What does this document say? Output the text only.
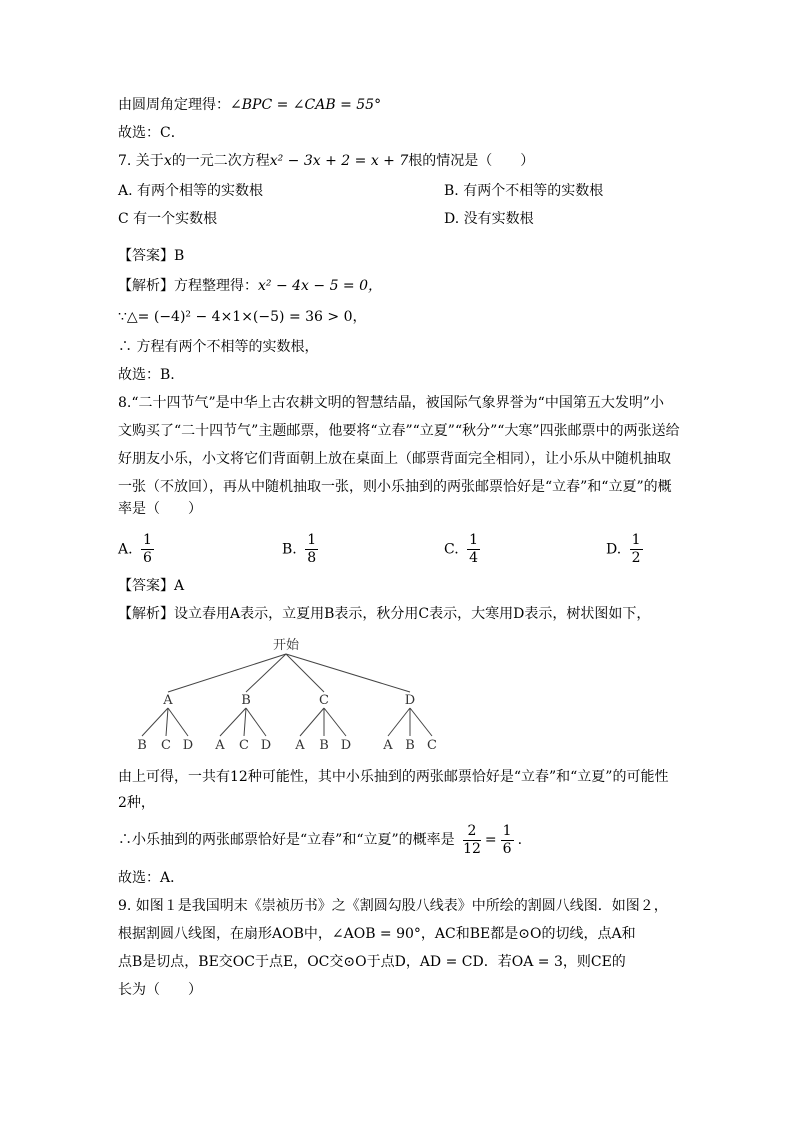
由圆周角定理得：∠BPC = ∠CAB = 55°
故选：C．
7. 关于x的一元二次方程x² − 3x + 2 = x + 7根的情况是（　　）
A. 有两个相等的实数根	B. 有两个不相等的实数根
C 有一个实数根	D. 没有实数根
【答案】B
【解析】方程整理得：x² − 4x − 5 = 0，
∵△= (−4)² − 4×1×(−5) = 36 > 0，
∴ 方程有两个不相等的实数根，
故选：B.
8.“二十四节气”是中华上古农耕文明的智慧结晶，被国际气象界誉为“中国第五大发明”小
文购买了“二十四节气”主题邮票，他要将“立春”“立夏”“秋分”“大寒”四张邮票中的两张送给
好朋友小乐，小文将它们背面朝上放在桌面上（邮票背面完全相同），让小乐从中随机抽取
一张（不放回），再从中随机抽取一张，则小乐抽到的两张邮票恰好是“立春”和“立夏”的概
率是（　　）
A. $\frac{1}{6}$	B. $\frac{1}{8}$	C. $\frac{1}{4}$	D. $\frac{1}{2}$
【答案】A
【解析】设立春用A表示，立夏用B表示，秋分用C表示，大寒用D表示，树状图如下，
开始
A	B	C	D
B C D A C D A B D A B C
由上可得，一共有12种可能性，其中小乐抽到的两张邮票恰好是“立春”和“立夏”的可能性
2种，
∴小乐抽到的两张邮票恰好是“立春”和“立夏”的概率是 $\frac{2}{12} = \frac{1}{6}$ .
故选：A．
9. 如图１是我国明末《崇祯历书》之《割圆勾股八线表》中所绘的割圆八线图．如图２，
根据割圆八线图，在扇形AOB中，∠AOB = 90°，AC和BE都是⊙O的切线，点A和
点B是切点，BE交OC于点E，OC交⊙O于点D，AD = CD．若OA = 3，则CE的
长为（　　）
